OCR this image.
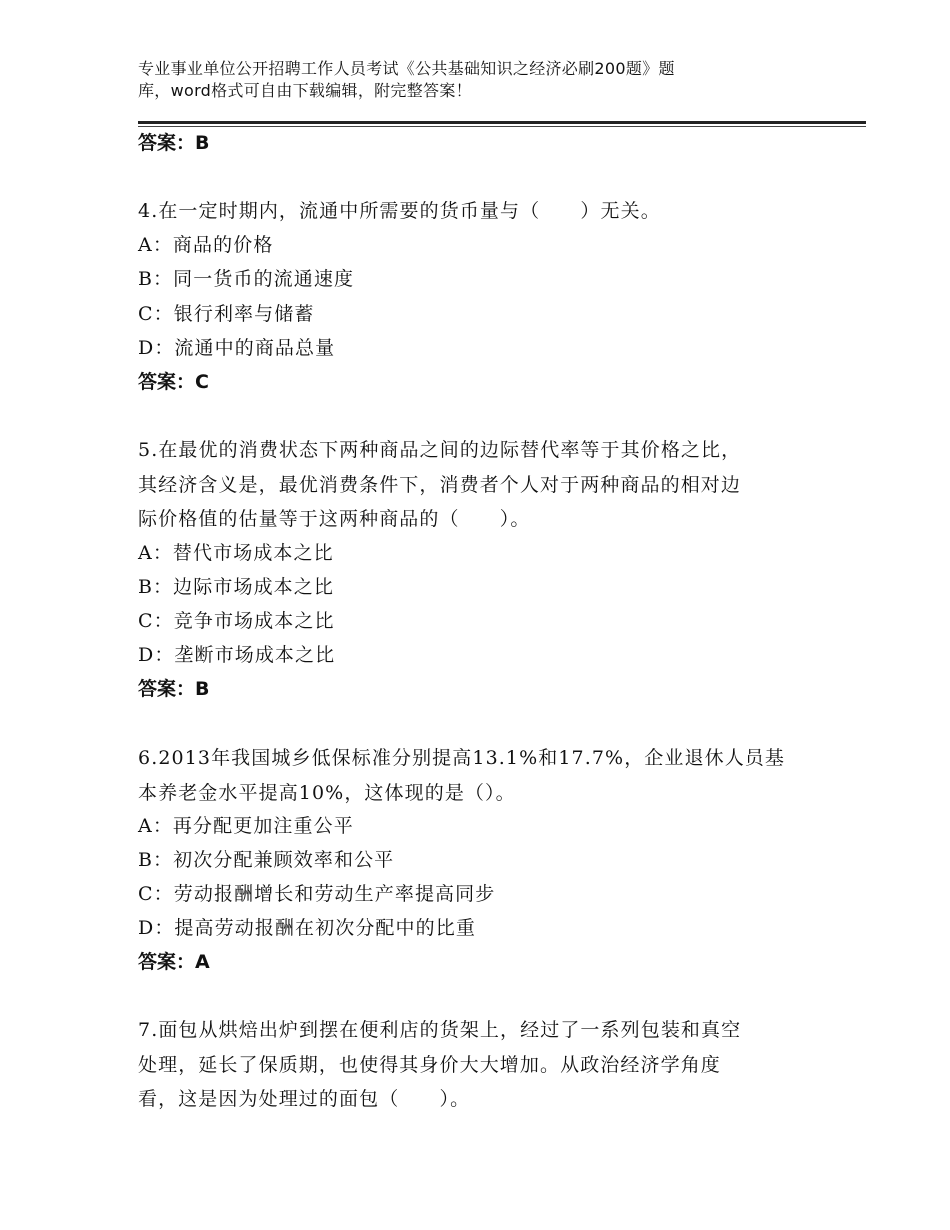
专业事业单位公开招聘工作人员考试《公共基础知识之经济必刷200题》题
库，word格式可自由下载编辑，附完整答案！
答案：B
4.在一定时期内，流通中所需要的货币量与（　　）无关。
A：商品的价格
B：同一货币的流通速度
C：银行利率与储蓄
D：流通中的商品总量
答案：C
5.在最优的消费状态下两种商品之间的边际替代率等于其价格之比，
其经济含义是，最优消费条件下，消费者个人对于两种商品的相对边
际价格值的估量等于这两种商品的（　　）。
A：替代市场成本之比
B：边际市场成本之比
C：竞争市场成本之比
D：垄断市场成本之比
答案：B
6.2013年我国城乡低保标准分别提高13.1%和17.7%，企业退休人员基
本养老金水平提高10%，这体现的是（）。
A：再分配更加注重公平
B：初次分配兼顾效率和公平
C：劳动报酬增长和劳动生产率提高同步
D：提高劳动报酬在初次分配中的比重
答案：A
7.面包从烘焙出炉到摆在便利店的货架上，经过了一系列包装和真空
处理，延长了保质期，也使得其身价大大增加。从政治经济学角度
看，这是因为处理过的面包（　　）。
